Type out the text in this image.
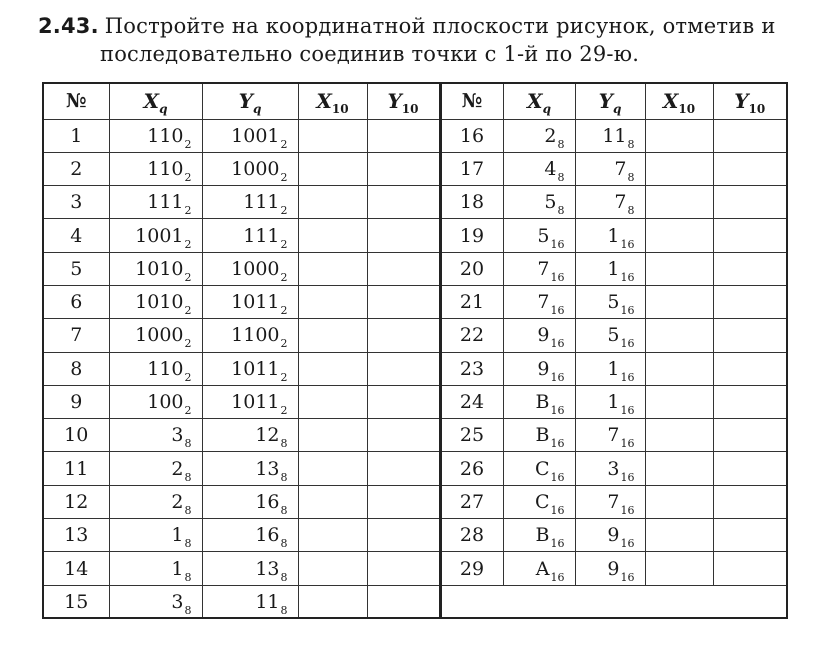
2.43. Постройте на координатной плоскости рисунок, отметив и
последовательно соединив точки с 1-й по 29-ю.
№	$X_q$	$Y_q$	$X_{10}$	$Y_{10}$	№	$X_q$	$Y_q$	$X_{10}$	$Y_{10}$
1	$110_2$	$1001_2$			16	$2_8$	$11_8$		
2	$110_2$	$1000_2$			17	$4_8$	$7_8$		
3	$111_2$	$111_2$			18	$5_8$	$7_8$		
4	$1001_2$	$111_2$			19	$5_{16}$	$1_{16}$		
5	$1010_2$	$1000_2$			20	$7_{16}$	$1_{16}$		
6	$1010_2$	$1011_2$			21	$7_{16}$	$5_{16}$		
7	$1000_2$	$1100_2$			22	$9_{16}$	$5_{16}$		
8	$110_2$	$1011_2$			23	$9_{16}$	$1_{16}$		
9	$100_2$	$1011_2$			24	$B_{16}$	$1_{16}$		
10	$3_8$	$12_8$			25	$B_{16}$	$7_{16}$		
11	$2_8$	$13_8$			26	$C_{16}$	$3_{16}$		
12	$2_8$	$16_8$			27	$C_{16}$	$7_{16}$		
13	$1_8$	$16_8$			28	$B_{16}$	$9_{16}$		
14	$1_8$	$13_8$			29	$A_{16}$	$9_{16}$		
15	$3_8$	$11_8$			
